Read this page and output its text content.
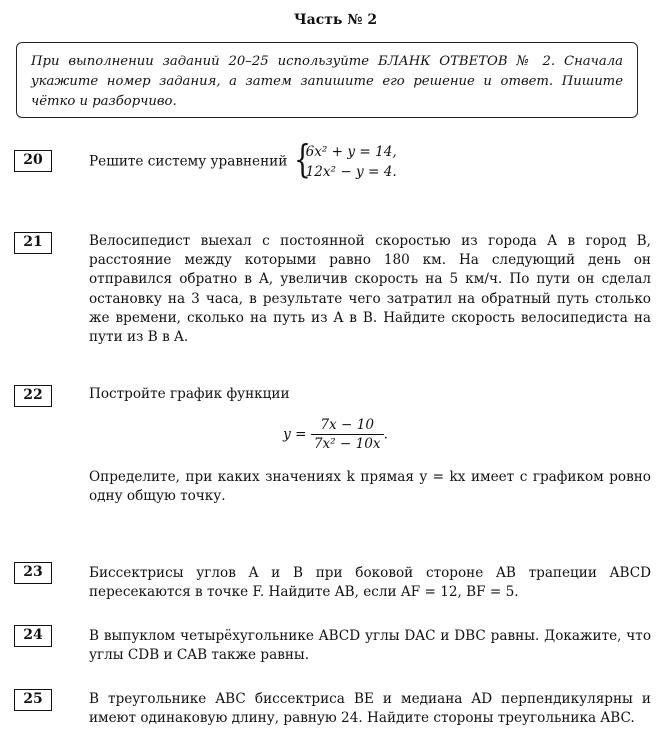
Часть № 2
При выполнении заданий 20–25 используйте БЛАНК ОТВЕТОВ № 2. Сначала укажите номер задания, а затем запишите его решение и ответ. Пишите чётко и разборчиво.
20	Решите систему уравнений {
6x² + y = 14,
12x² − y = 4.
21	Велосипедист выехал с постоянной скоростью из города A в город B, расстояние между которыми равно 180 км. На следующий день он отправился обратно в A, увеличив скорость на 5 км/ч. По пути он сделал остановку на 3 часа, в результате чего затратил на обратный путь столько же времени, сколько на путь из A в B. Найдите скорость велосипедиста на пути из B в A.
22	Постройте график функции
$y = \frac{7x - 10}{\text{7x² − 10x}}$ .
Определите, при каких значениях k прямая y = kx имеет с графиком ровно одну общую точку.
23	Биссектрисы углов A и B при боковой стороне AB трапеции ABCD пересекаются в точке F. Найдите AB, если AF = 12, BF = 5.
24	В выпуклом четырёхугольнике ABCD углы DAC и DBC равны. Докажите, что углы CDB и CAB также равны.
25	В треугольнике ABC биссектриса BE и медиана AD перпендикулярны и имеют одинаковую длину, равную 24. Найдите стороны треугольника ABC.
